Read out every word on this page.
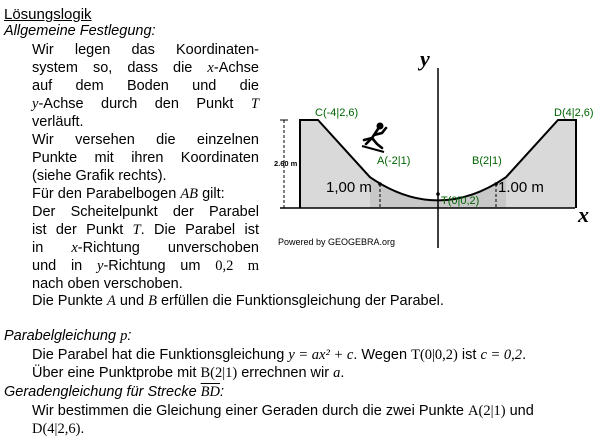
Lösungslogik
Allgemeine Festlegung:
Wir legen das Koordinaten-
system so, dass die x-Achse
auf dem Boden und die
y-Achse durch den Punkt T
verläuft.
Wir versehen die einzelnen
Punkte mit ihren Koordinaten
(siehe Grafik rechts).
Für den Parabelbogen AB gilt:
Der Scheitelpunkt der Parabel
ist der Punkt T. Die Parabel ist
in x-Richtung unverschoben
und in y-Richtung um 0,2 m
nach oben verschoben.
Die Punkte A und B erfüllen die Funktionsgleichung der Parabel.
Parabelgleichung p:
Die Parabel hat die Funktionsgleichung y = ax² + c. Wegen T(0|0,2) ist c = 0,2.
Über eine Punktprobe mit B(2|1) errechnen wir a.
Geradengleichung für Strecke $\overline{BD}$:
Wir bestimmen die Gleichung einer Geraden durch die zwei Punkte A(2|1) und
D(4|2,6).
y
x
C(-4|2,6)	D(4|2,6)
A(-2|1)	B(2|1)
T(0|0,2)
2.60 m
1,00 m	1.00 m
Powered by GEOGEBRA.org
